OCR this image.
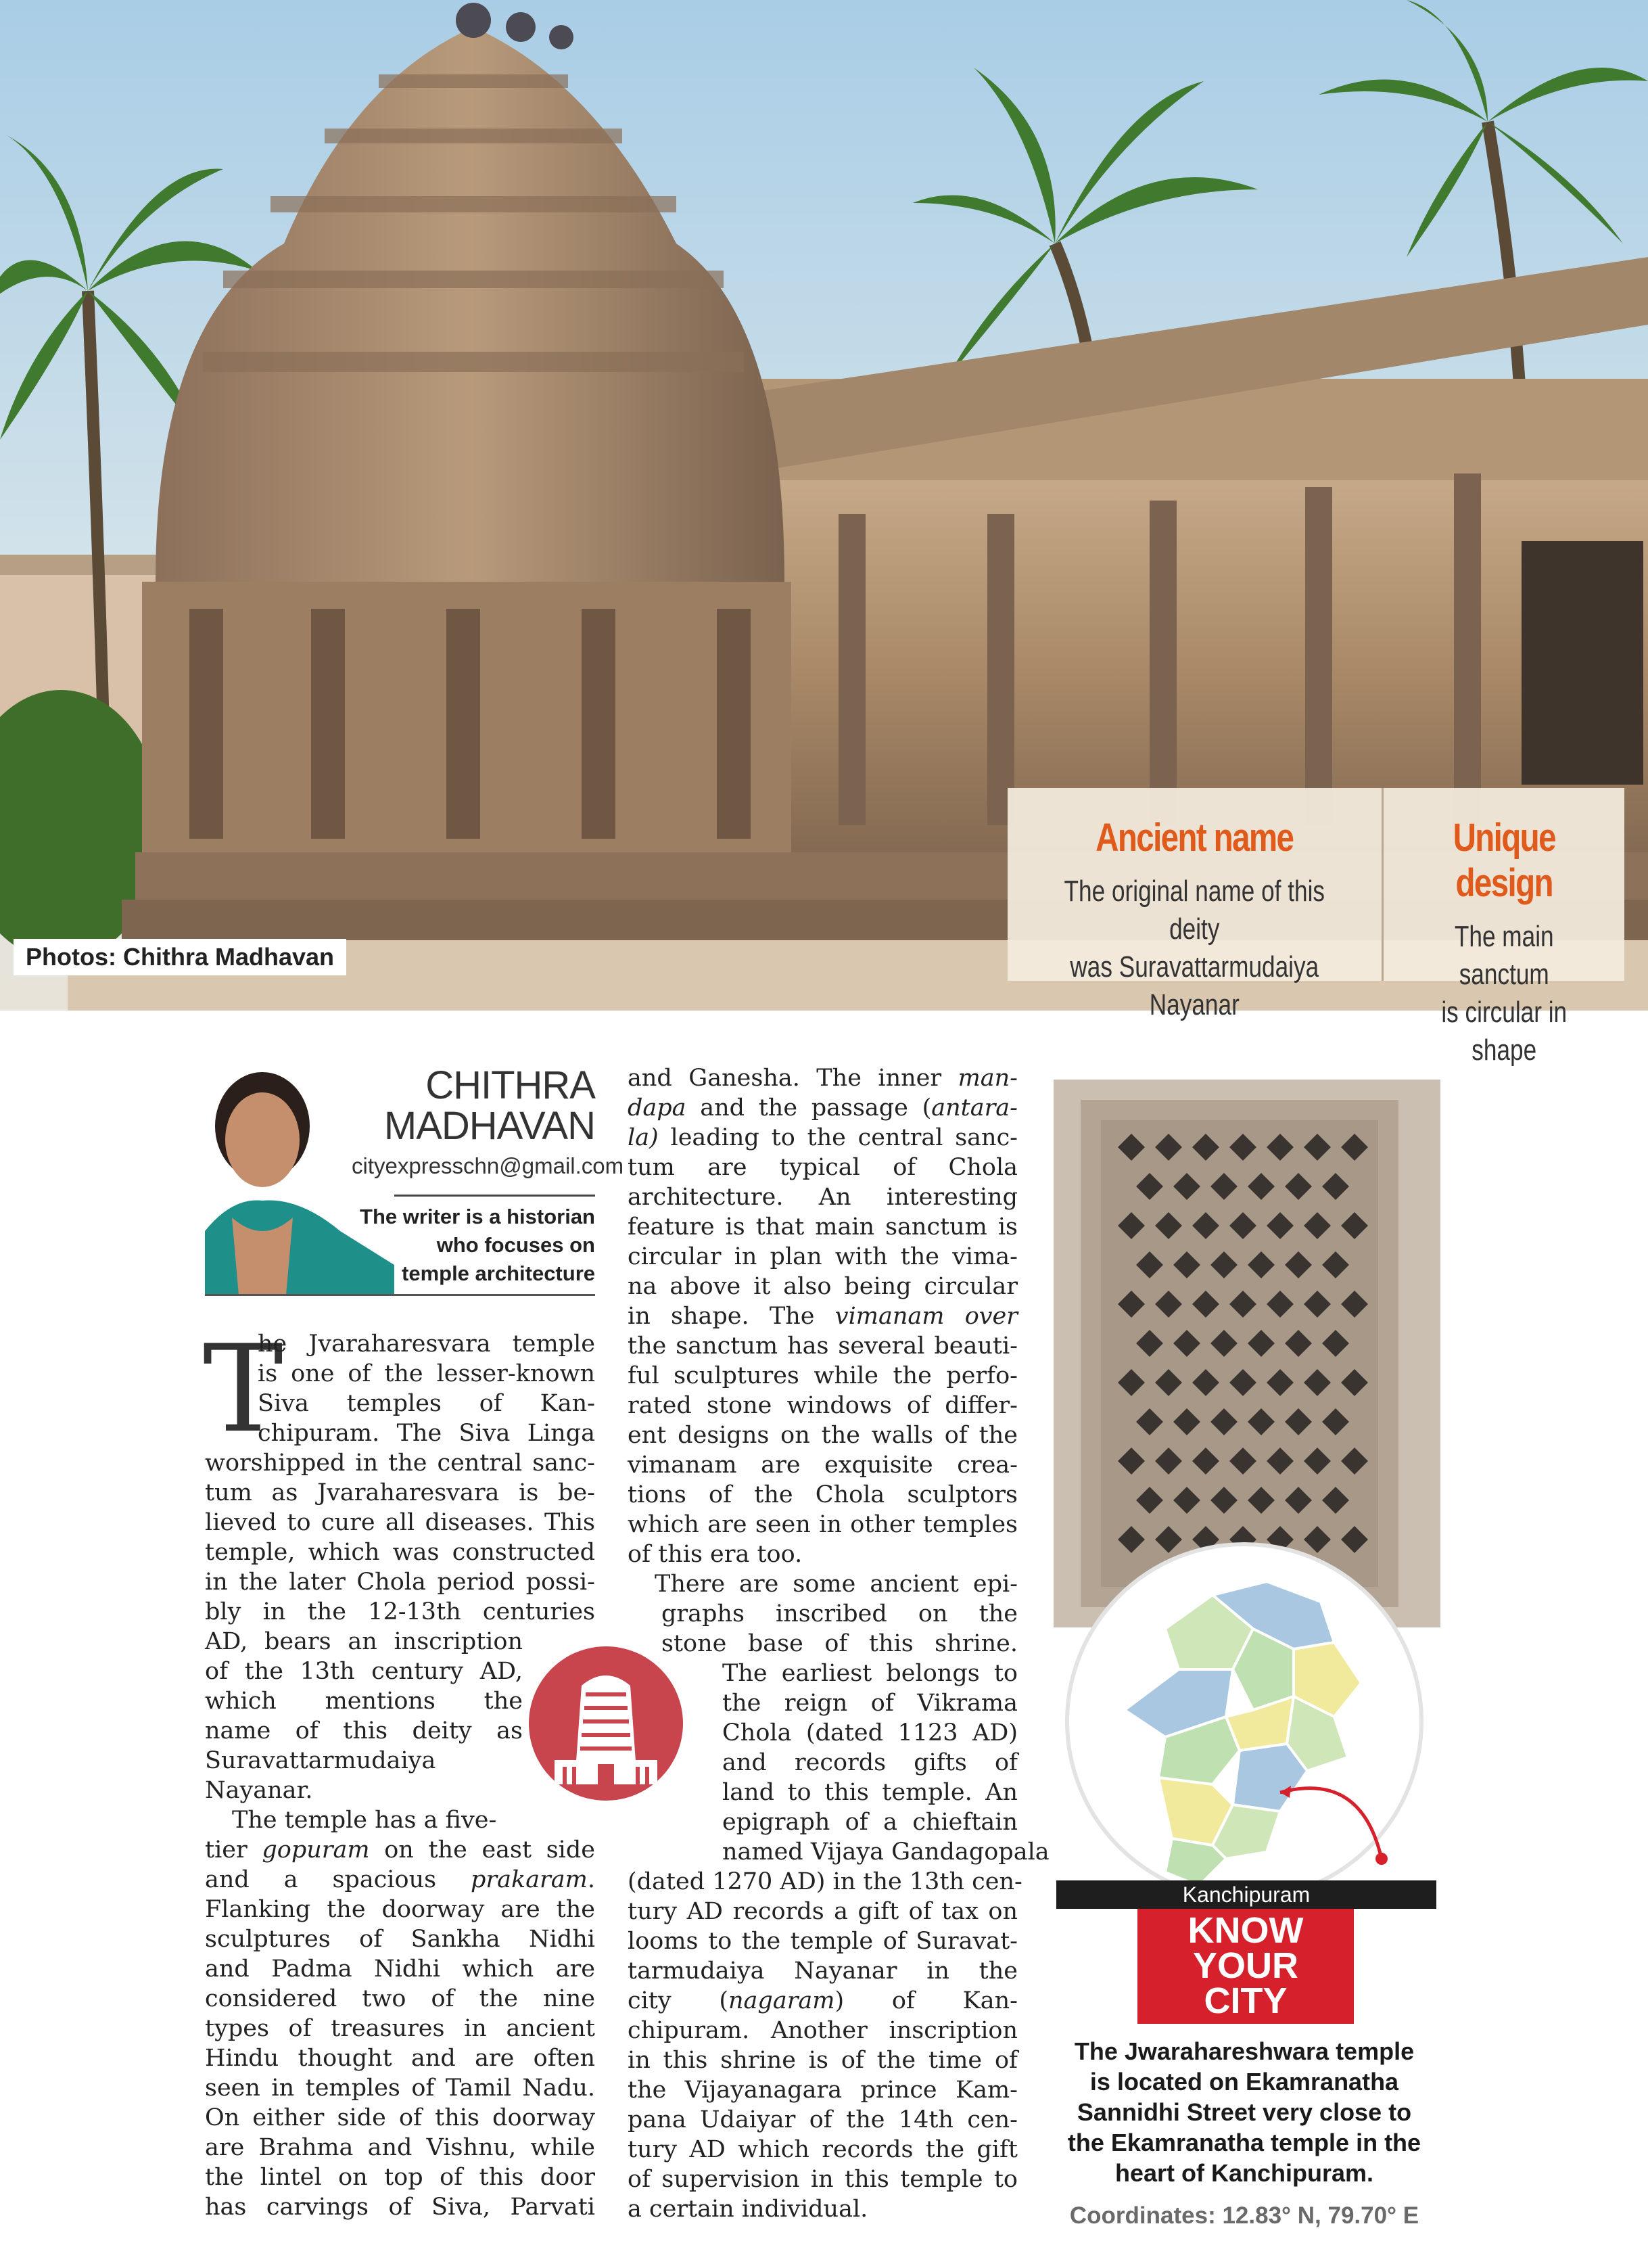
Photos: Chithra Madhavan
Ancient name
The original name of this deity
was Suravattarmudaiya Nayanar
Unique design
The main sanctum
is circular in shape
CHITHRA
MADHAVAN
cityexpresschn@gmail.com
The writer is a historian
who focuses on
temple architecture
T
he Jvaraharesvara temple
is one of the lesser-known
Siva temples of Kan-
chipuram. The Siva Linga
worshipped in the central sanc-
tum as Jvaraharesvara is be-
lieved to cure all diseases. This
temple, which was constructed
in the later Chola period possi-
bly in the 12-13th centuries
AD, bears an inscription
of the 13th century AD,
which mentions the
name of this deity as
Suravattarmudaiya
Nayanar.
The temple has a five-
tier gopuram on the east side
and a spacious prakaram.
Flanking the doorway are the
sculptures of Sankha Nidhi
and Padma Nidhi which are
considered two of the nine
types of treasures in ancient
Hindu thought and are often
seen in temples of Tamil Nadu.
On either side of this doorway
are Brahma and Vishnu, while
the lintel on top of this door
has carvings of Siva, Parvati
and Ganesha. The inner man-
dapa and the passage (antara-
la) leading to the central sanc-
tum are typical of Chola
architecture. An interesting
feature is that main sanctum is
circular in plan with the vima-
na above it also being circular
in shape. The vimanam over
the sanctum has several beauti-
ful sculptures while the perfo-
rated stone windows of differ-
ent designs on the walls of the
vimanam are exquisite crea-
tions of the Chola sculptors
which are seen in other temples
of this era too.
There are some ancient epi-
graphs inscribed on the
stone base of this shrine.
The earliest belongs to
the reign of Vikrama
Chola (dated 1123 AD)
and records gifts of
land to this temple. An
epigraph of a chieftain
named Vijaya Gandagopala
(dated 1270 AD) in the 13th cen-
tury AD records a gift of tax on
looms to the temple of Suravat-
tarmudaiya Nayanar in the
city (nagaram) of Kan-
chipuram. Another inscription
in this shrine is of the time of
the Vijayanagara prince Kam-
pana Udaiyar of the 14th cen-
tury AD which records the gift
of supervision in this temple to
a certain individual.
Kanchipuram
KNOW
YOUR
CITY
The Jwarahareshwara temple
is located on Ekamranatha
Sannidhi Street very close to
the Ekamranatha temple in the
heart of Kanchipuram.
Coordinates: 12.83° N, 79.70° E
